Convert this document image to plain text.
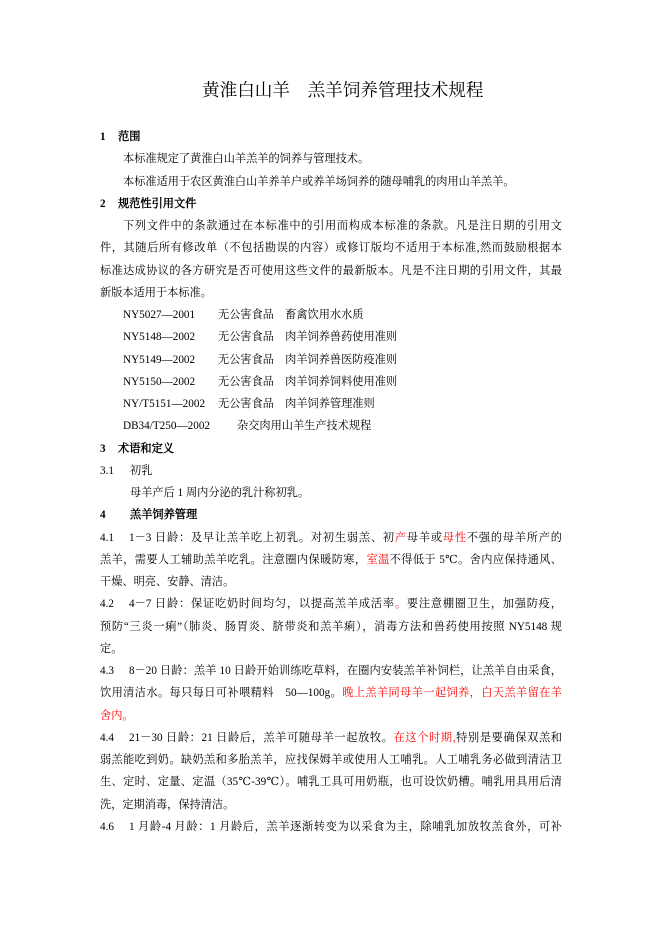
黄淮白山羊　羔羊饲养管理技术规程
1 范围
本标准规定了黄淮白山羊羔羊的饲养与管理技术。
本标准适用于农区黄淮白山羊养羊户或养羊场饲养的随母哺乳的肉用山羊羔羊。
2 规范性引用文件
下列文件中的条款通过在本标准中的引用而构成本标准的条款。凡是注日期的引用文
件，其随后所有修改单（不包括勘误的内容）或修订版均不适用于本标准,然而鼓励根据本
标准达成协议的各方研究是否可使用这些文件的最新版本。凡是不注日期的引用文件，其最
新版本适用于本标准。
NY5027—2001 无公害食品　畜禽饮用水水质
NY5148—2002 无公害食品　肉羊饲养兽药使用准则
NY5149—2002 无公害食品　肉羊饲养兽医防疫准则
NY5150—2002 无公害食品　肉羊饲养饲料使用准则
NY/T5151—2002 无公害食品　肉羊饲养管理准则
DB34/T250—2002 杂交肉用山羊生产技术规程
3 术语和定义
3.1 初乳
母羊产后 1 周内分泌的乳汁称初乳。
4 羔羊饲养管理
4.1 1－3 日龄：及早让羔羊吃上初乳。对初生弱羔、初产母羊或母性不强的母羊所产的
羔羊，需要人工辅助羔羊吃乳。注意圈内保暖防寒，室温不得低于 5℃。舍内应保持通风、
干燥、明亮、安静、清洁。
4.2 4－7 日龄：保证吃奶时间均匀，以提高羔羊成活率。要注意棚圈卫生，加强防疫，
预防“三炎一痢”（肺炎、肠胃炎、脐带炎和羔羊痢），消毒方法和兽药使用按照 NY5148 规
定。
4.3 8－20 日龄：羔羊 10 日龄开始训练吃草料，在圈内安装羔羊补饲栏，让羔羊自由采食，
饮用清洁水。每只每日可补喂精料　50—100g。晚上羔羊同母羊一起饲养，白天羔羊留在羊
舍内。
4.4 21－30 日龄：21 日龄后，羔羊可随母羊一起放牧。在这个时期,特别是要确保双羔和
弱羔能吃到奶。缺奶羔和多胎羔羊，应找保姆羊或使用人工哺乳。人工哺乳务必做到清洁卫
生、定时、定量、定温（35℃-39℃）。哺乳工具可用奶瓶，也可设饮奶槽。哺乳用具用后清
洗，定期消毒，保持清洁。
4.6 1 月龄-4 月龄：1 月龄后，羔羊逐渐转变为以采食为主，除哺乳加放牧羔食外，可补
